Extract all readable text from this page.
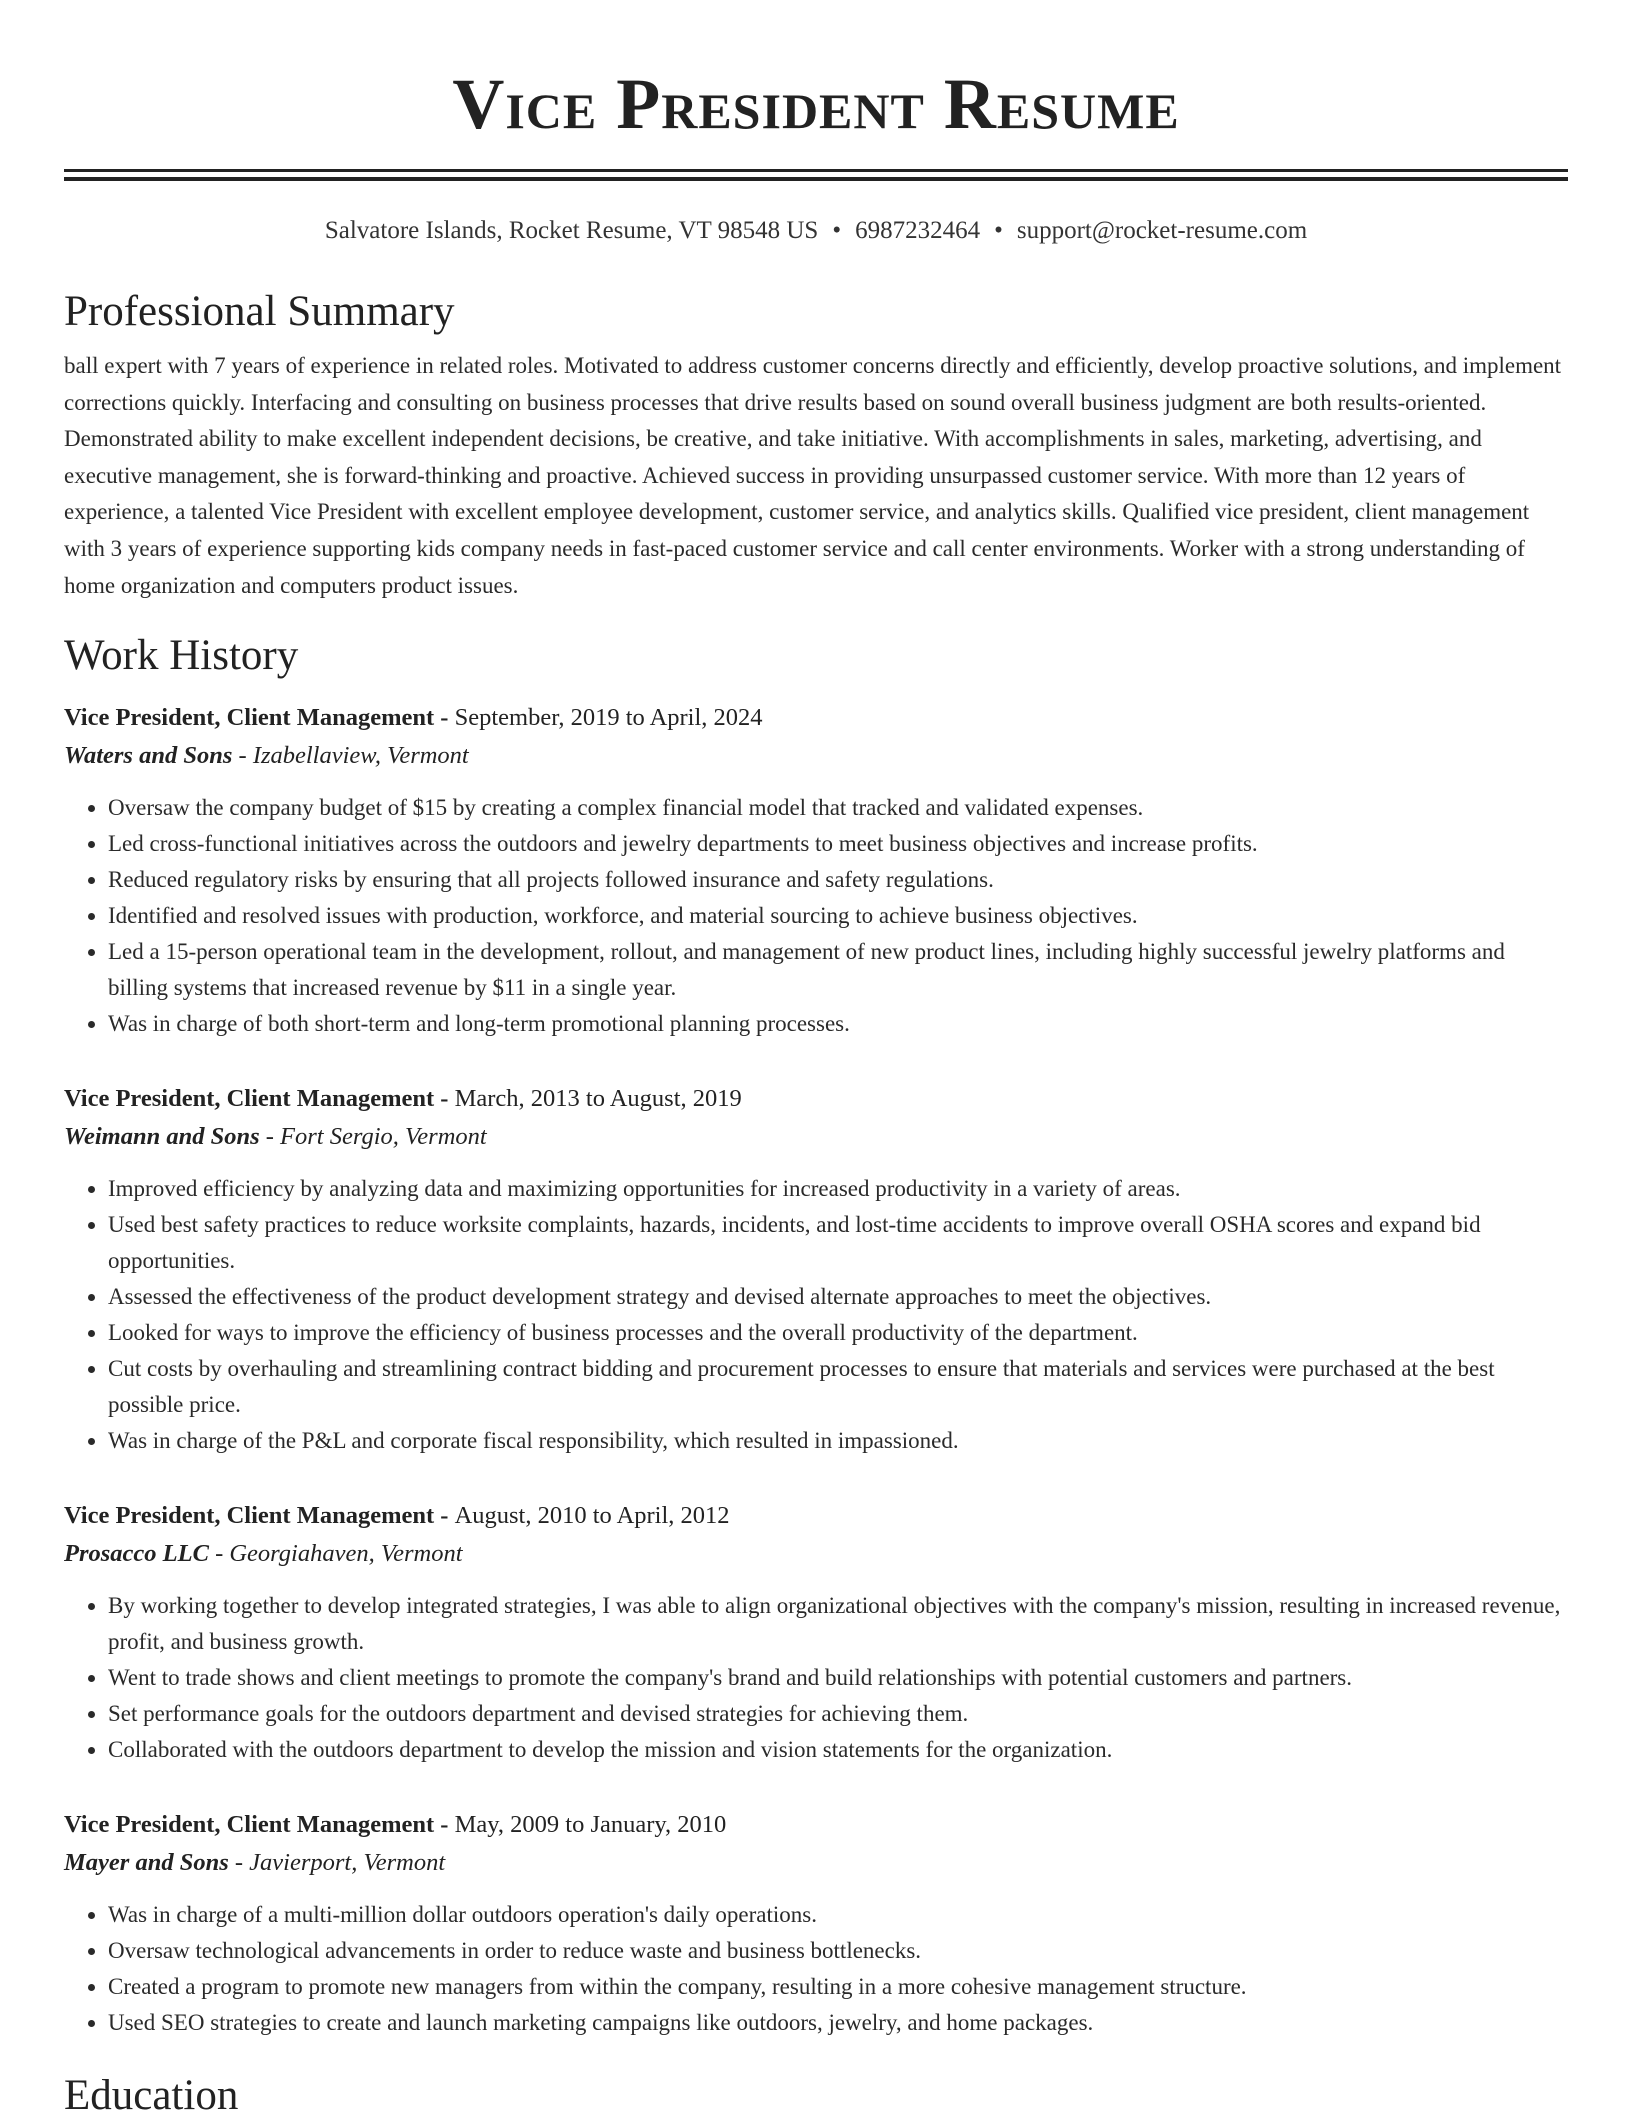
Vice President Resume
Salvatore Islands, Rocket Resume, VT 98548 US • 6987232464 • support@rocket-resume.com
Professional Summary
ball expert with 7 years of experience in related roles. Motivated to address customer concerns directly and efficiently, develop proactive solutions, and implement corrections quickly. Interfacing and consulting on business processes that drive results based on sound overall business judgment are both results-oriented. Demonstrated ability to make excellent independent decisions, be creative, and take initiative. With accomplishments in sales, marketing, advertising, and executive management, she is forward-thinking and proactive. Achieved success in providing unsurpassed customer service. With more than 12 years of experience, a talented Vice President with excellent employee development, customer service, and analytics skills. Qualified vice president, client management with 3 years of experience supporting kids company needs in fast-paced customer service and call center environments. Worker with a strong understanding of home organization and computers product issues.
Work History
Vice President, Client Management - September, 2019 to April, 2024
Waters and Sons - Izabellaview, Vermont
• Oversaw the company budget of $15 by creating a complex financial model that tracked and validated expenses.
• Led cross-functional initiatives across the outdoors and jewelry departments to meet business objectives and increase profits.
• Reduced regulatory risks by ensuring that all projects followed insurance and safety regulations.
• Identified and resolved issues with production, workforce, and material sourcing to achieve business objectives.
• Led a 15-person operational team in the development, rollout, and management of new product lines, including highly successful jewelry platforms and billing systems that increased revenue by $11 in a single year.
• Was in charge of both short-term and long-term promotional planning processes.
Vice President, Client Management - March, 2013 to August, 2019
Weimann and Sons - Fort Sergio, Vermont
• Improved efficiency by analyzing data and maximizing opportunities for increased productivity in a variety of areas.
• Used best safety practices to reduce worksite complaints, hazards, incidents, and lost-time accidents to improve overall OSHA scores and expand bid opportunities.
• Assessed the effectiveness of the product development strategy and devised alternate approaches to meet the objectives.
• Looked for ways to improve the efficiency of business processes and the overall productivity of the department.
• Cut costs by overhauling and streamlining contract bidding and procurement processes to ensure that materials and services were purchased at the best possible price.
• Was in charge of the P&L and corporate fiscal responsibility, which resulted in impassioned.
Vice President, Client Management - August, 2010 to April, 2012
Prosacco LLC - Georgiahaven, Vermont
• By working together to develop integrated strategies, I was able to align organizational objectives with the company's mission, resulting in increased revenue, profit, and business growth.
• Went to trade shows and client meetings to promote the company's brand and build relationships with potential customers and partners.
• Set performance goals for the outdoors department and devised strategies for achieving them.
• Collaborated with the outdoors department to develop the mission and vision statements for the organization.
Vice President, Client Management - May, 2009 to January, 2010
Mayer and Sons - Javierport, Vermont
• Was in charge of a multi-million dollar outdoors operation's daily operations.
• Oversaw technological advancements in order to reduce waste and business bottlenecks.
• Created a program to promote new managers from within the company, resulting in a more cohesive management structure.
• Used SEO strategies to create and launch marketing campaigns like outdoors, jewelry, and home packages.
Education
